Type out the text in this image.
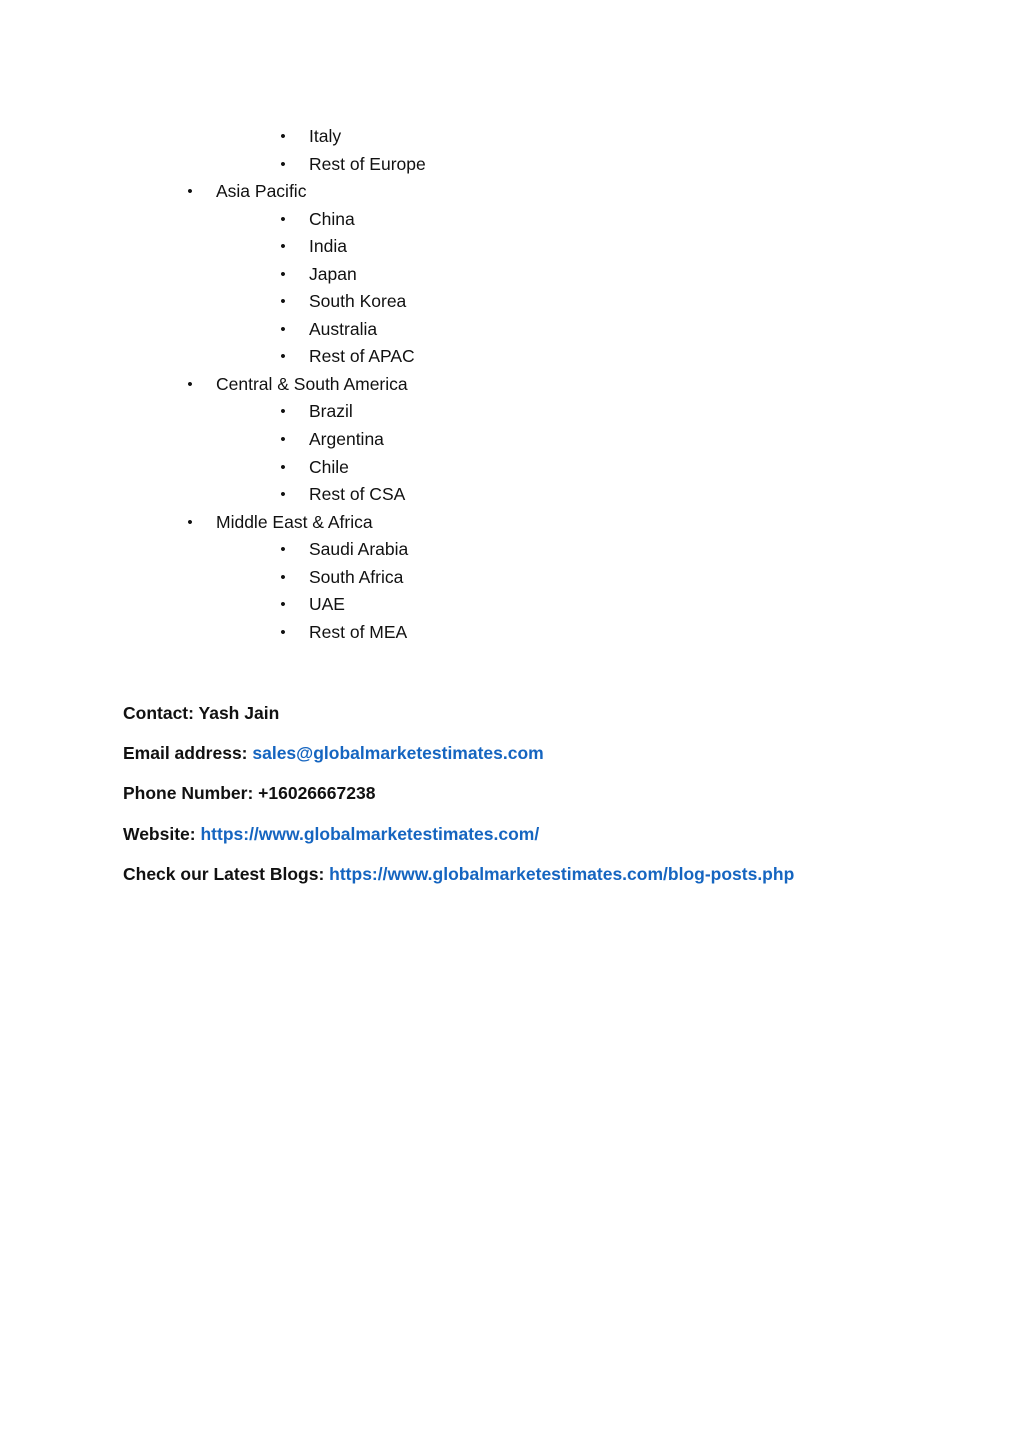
• Italy
• Rest of Europe
• Asia Pacific
• China
• India
• Japan
• South Korea
• Australia
• Rest of APAC
• Central & South America
• Brazil
• Argentina
• Chile
• Rest of CSA
• Middle East & Africa
• Saudi Arabia
• South Africa
• UAE
• Rest of MEA
Contact: Yash Jain
Email address: sales@globalmarketestimates.com
Phone Number: +16026667238
Website: https://www.globalmarketestimates.com/
Check our Latest Blogs: https://www.globalmarketestimates.com/blog-posts.php
